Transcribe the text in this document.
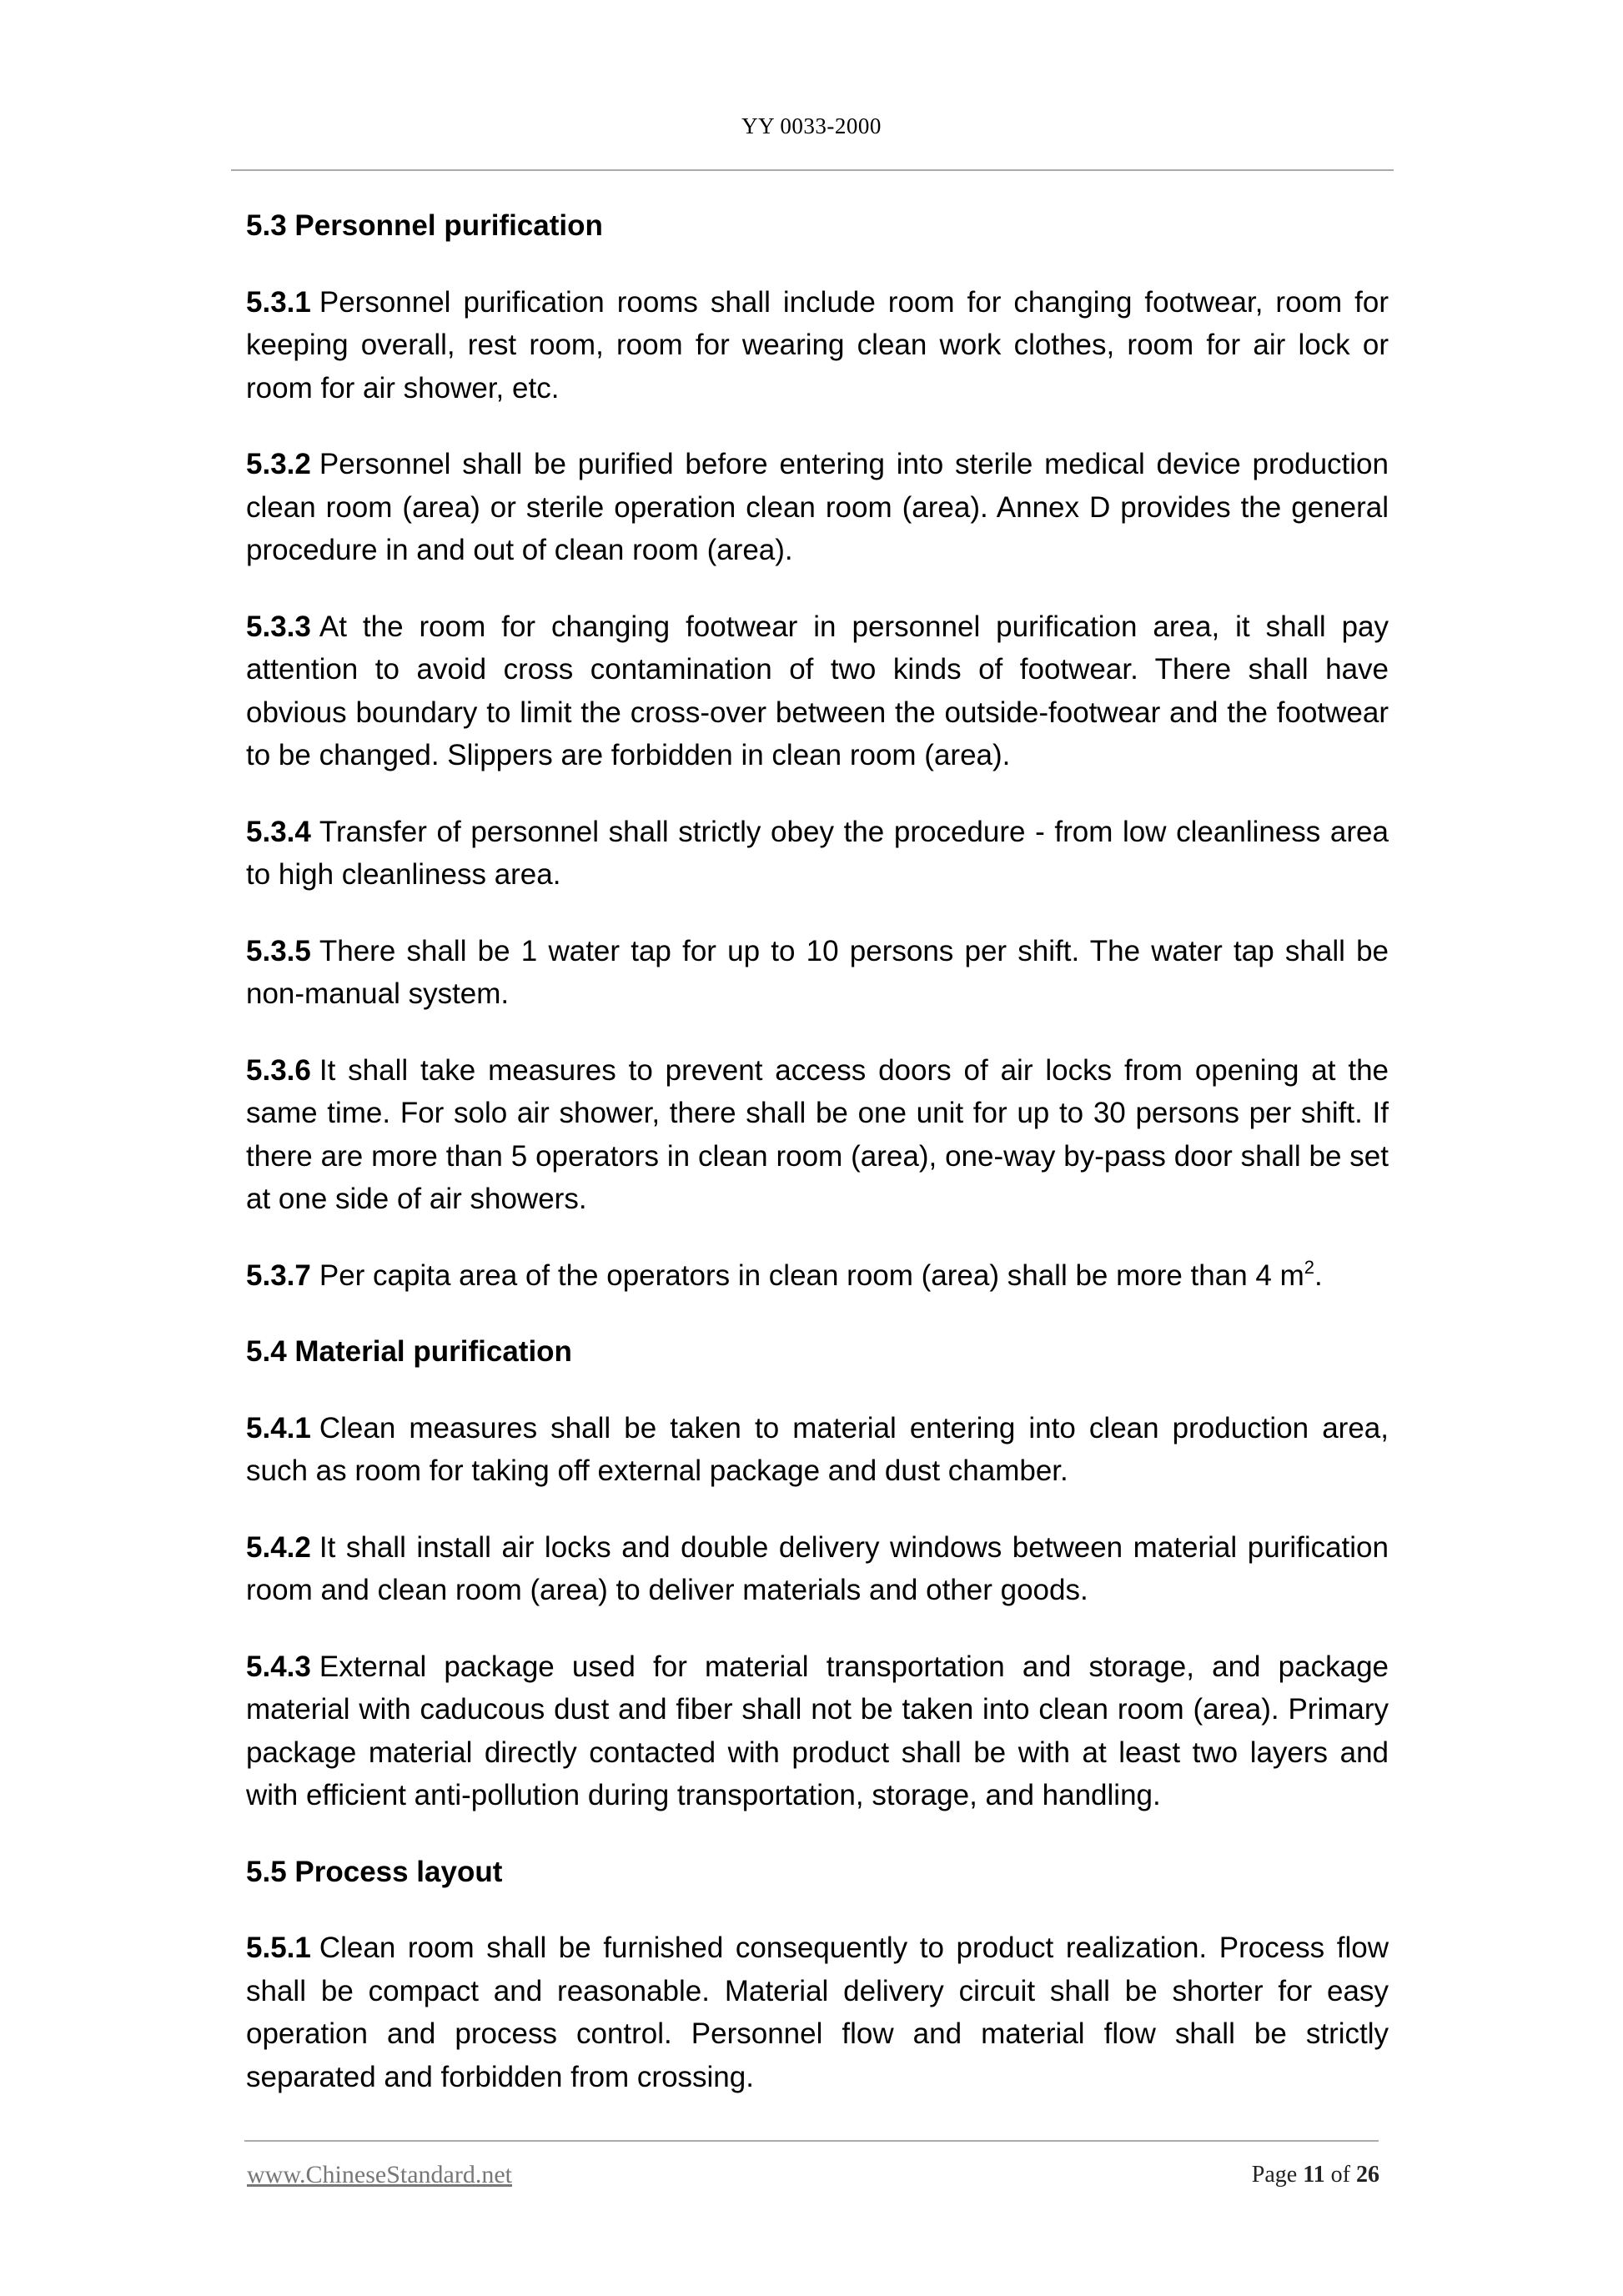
YY 0033-2000
5.3 Personnel purification
5.3.1 Personnel purification rooms shall include room for changing footwear, room for keeping overall, rest room, room for wearing clean work clothes, room for air lock or room for air shower, etc.
5.3.2 Personnel shall be purified before entering into sterile medical device production clean room (area) or sterile operation clean room (area). Annex D provides the general procedure in and out of clean room (area).
5.3.3 At the room for changing footwear in personnel purification area, it shall pay attention to avoid cross contamination of two kinds of footwear. There shall have obvious boundary to limit the cross-over between the outside-footwear and the footwear to be changed. Slippers are forbidden in clean room (area).
5.3.4 Transfer of personnel shall strictly obey the procedure - from low cleanliness area to high cleanliness area.
5.3.5 There shall be 1 water tap for up to 10 persons per shift. The water tap shall be non-manual system.
5.3.6 It shall take measures to prevent access doors of air locks from opening at the same time. For solo air shower, there shall be one unit for up to 30 persons per shift. If there are more than 5 operators in clean room (area), one-way by-pass door shall be set at one side of air showers.
5.3.7 Per capita area of the operators in clean room (area) shall be more than 4 $m^2$.
5.4 Material purification
5.4.1 Clean measures shall be taken to material entering into clean production area, such as room for taking off external package and dust chamber.
5.4.2 It shall install air locks and double delivery windows between material purification room and clean room (area) to deliver materials and other goods.
5.4.3 External package used for material transportation and storage, and package material with caducous dust and fiber shall not be taken into clean room (area). Primary package material directly contacted with product shall be with at least two layers and with efficient anti-pollution during transportation, storage, and handling.
5.5 Process layout
5.5.1 Clean room shall be furnished consequently to product realization. Process flow shall be compact and reasonable. Material delivery circuit shall be shorter for easy operation and process control. Personnel flow and material flow shall be strictly separated and forbidden from crossing.
www.ChineseStandard.net	Page 11 of 26
